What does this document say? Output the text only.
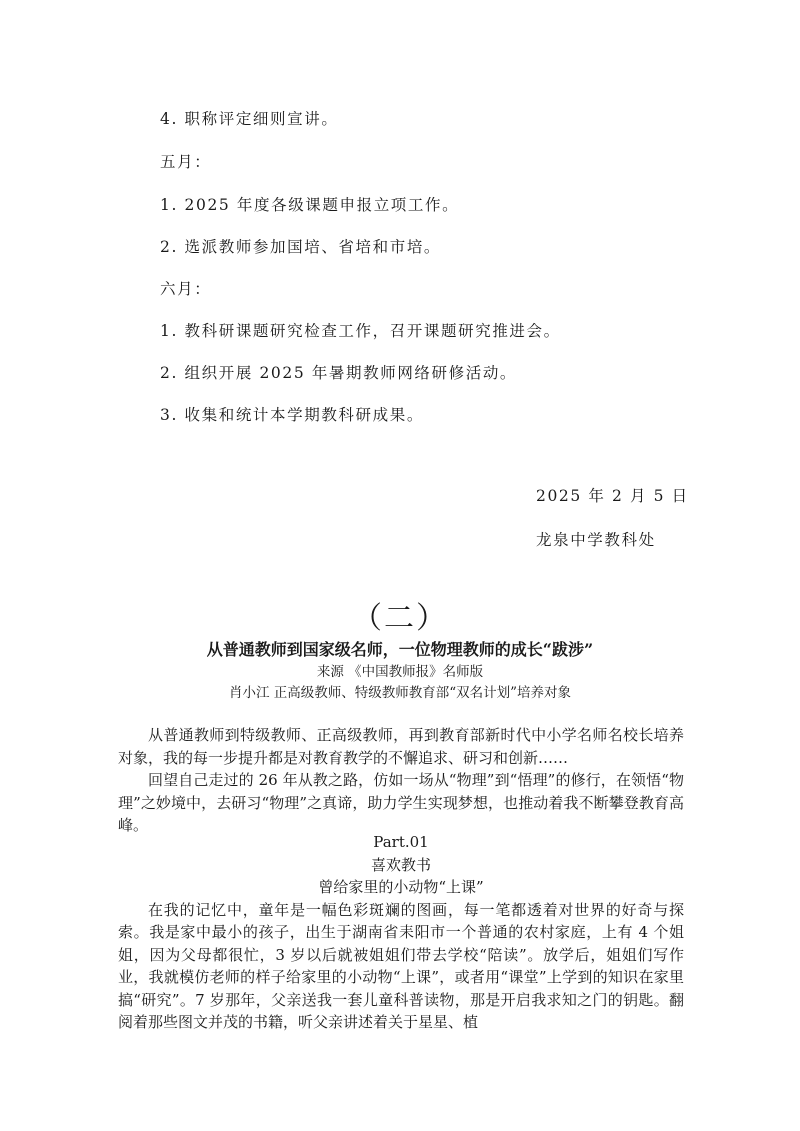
4. 职称评定细则宣讲。
五月：
1. 2025 年度各级课题申报立项工作。
2. 选派教师参加国培、省培和市培。
六月：
1. 教科研课题研究检查工作，召开课题研究推进会。
2. 组织开展 2025 年暑期教师网络研修活动。
3. 收集和统计本学期教科研成果。
2025 年 2 月 5 日
龙泉中学教科处
（二）
从普通教师到国家级名师，一位物理教师的成长“跋涉”
来源 《中国教师报》名师版
肖小江 正高级教师、特级教师教育部“双名计划”培养对象

从普通教师到特级教师、正高级教师，再到教育部新时代中小学名师名校长培养对象，我的每一步提升都是对教育教学的不懈追求、研习和创新……

回望自己走过的 26 年从教之路，仿如一场从“物理”到“悟理”的修行，在领悟“物理”之妙境中，去研习“物理”之真谛，助力学生实现梦想，也推动着我不断攀登教育高峰。

Part.01

喜欢教书

曾给家里的小动物“上课”

在我的记忆中，童年是一幅色彩斑斓的图画，每一笔都透着对世界的好奇与探索。我是家中最小的孩子，出生于湖南省耒阳市一个普通的农村家庭，上有 4 个姐姐，因为父母都很忙，3 岁以后就被姐姐们带去学校“陪读”。放学后，姐姐们写作业，我就模仿老师的样子给家里的小动物“上课”，或者用“课堂”上学到的知识在家里搞“研究”。7 岁那年，父亲送我一套儿童科普读物，那是开启我求知之门的钥匙。翻阅着那些图文并茂的书籍，听父亲讲述着关于星星、植
